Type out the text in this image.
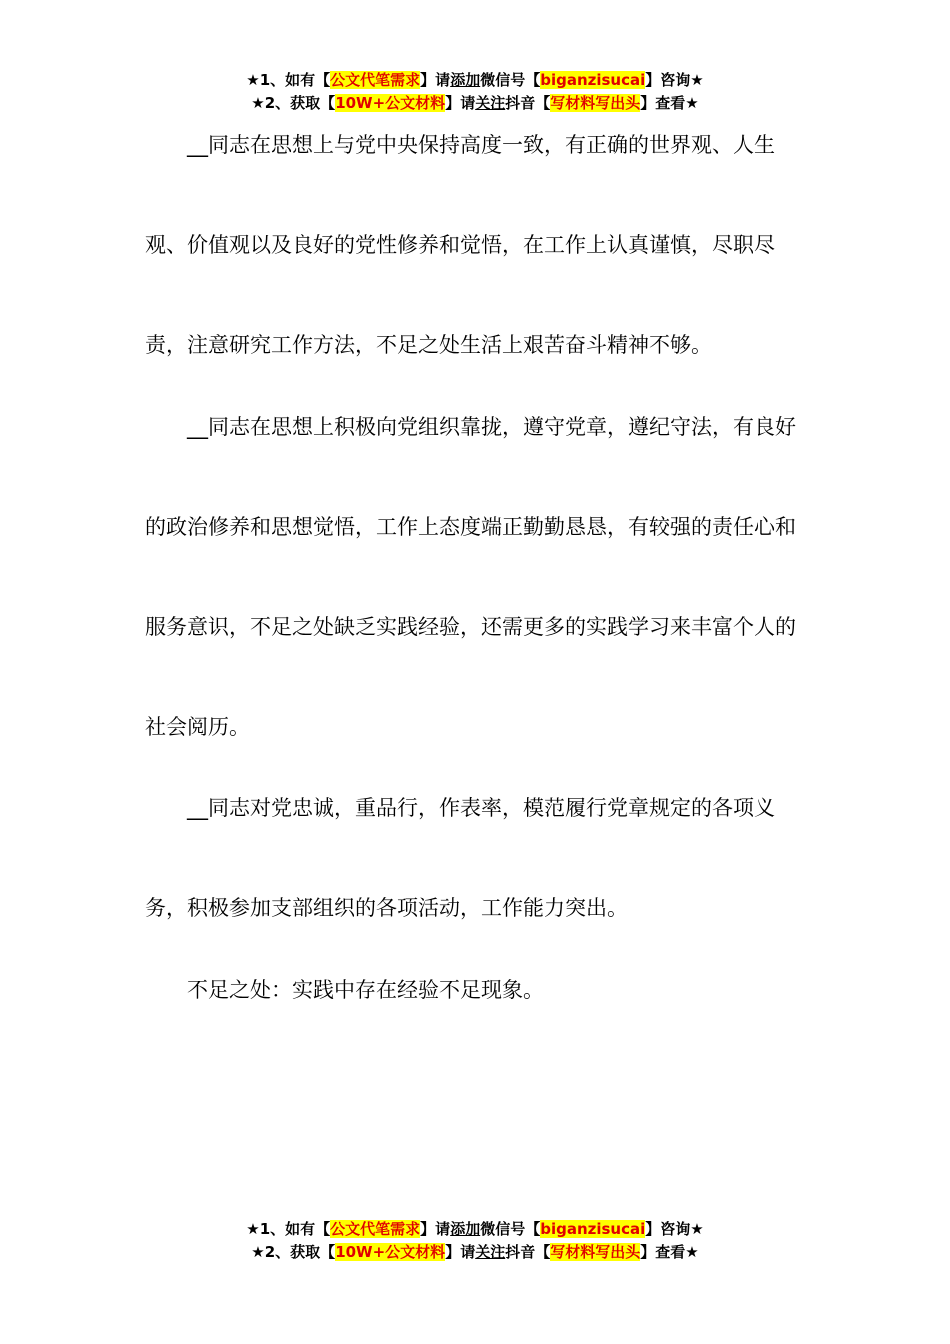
★1、如有【公文代笔需求】请添加微信号【biganzisucai】咨询★
★2、获取【10W+公文材料】请关注抖音【写材料写出头】查看★

__同志在思想上与党中央保持高度一致，有正确的世界观、人生观、价值观以及良好的党性修养和觉悟，在工作上认真谨慎，尽职尽责，注意研究工作方法，不足之处生活上艰苦奋斗精神不够。

__同志在思想上积极向党组织靠拢，遵守党章，遵纪守法，有良好的政治修养和思想觉悟，工作上态度端正勤勤恳恳，有较强的责任心和服务意识，不足之处缺乏实践经验，还需更多的实践学习来丰富个人的社会阅历。

__同志对党忠诚，重品行，作表率，模范履行党章规定的各项义务，积极参加支部组织的各项活动，工作能力突出。

不足之处：实践中存在经验不足现象。

★1、如有【公文代笔需求】请添加微信号【biganzisucai】咨询★
★2、获取【10W+公文材料】请关注抖音【写材料写出头】查看★
